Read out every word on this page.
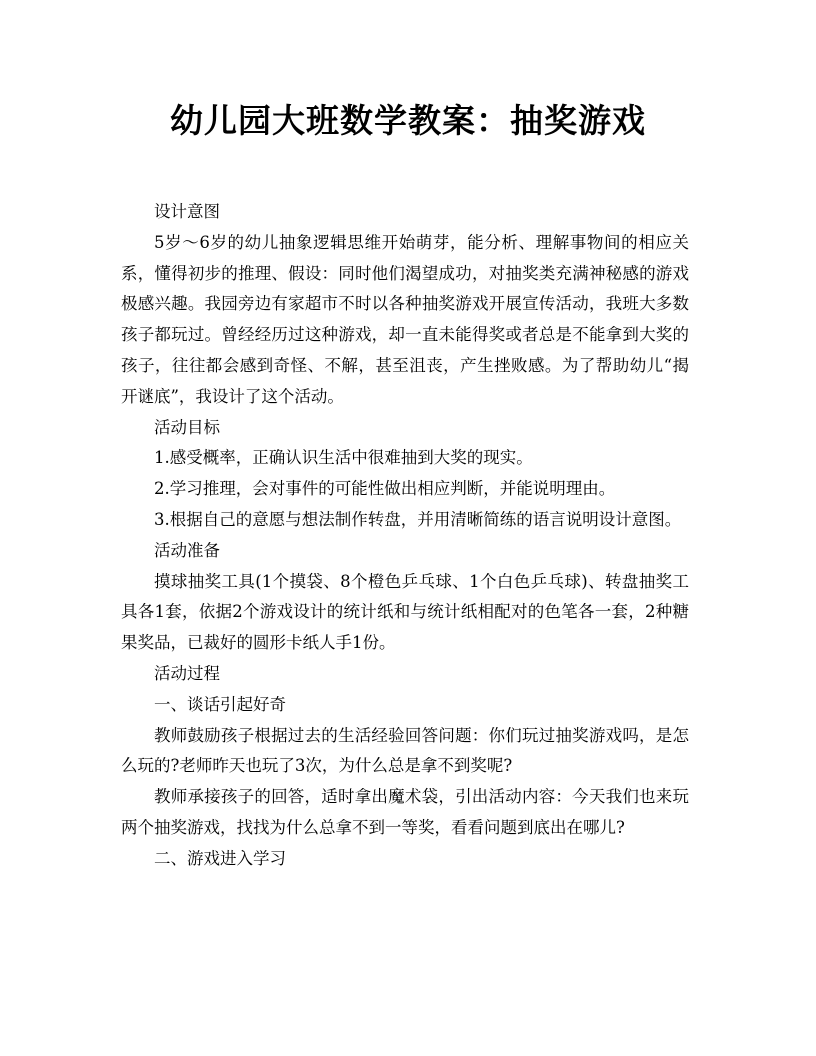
幼儿园大班数学教案：抽奖游戏

设计意图

5岁～6岁的幼儿抽象逻辑思维开始萌芽，能分析、理解事物间的相应关系，懂得初步的推理、假设：同时他们渴望成功，对抽奖类充满神秘感的游戏极感兴趣。我园旁边有家超市不时以各种抽奖游戏开展宣传活动，我班大多数孩子都玩过。曾经经历过这种游戏，却一直未能得奖或者总是不能拿到大奖的孩子，往往都会感到奇怪、不解，甚至沮丧，产生挫败感。为了帮助幼儿“揭开谜底”，我设计了这个活动。

活动目标

1.感受概率，正确认识生活中很难抽到大奖的现实。

2.学习推理，会对事件的可能性做出相应判断，并能说明理由。

3.根据自己的意愿与想法制作转盘，并用清晰简练的语言说明设计意图。

活动准备

摸球抽奖工具(1个摸袋、8个橙色乒乓球、1个白色乒乓球)、转盘抽奖工具各1套，依据2个游戏设计的统计纸和与统计纸相配对的色笔各一套，2种糖果奖品，已裁好的圆形卡纸人手1份。

活动过程

一、谈话引起好奇

教师鼓励孩子根据过去的生活经验回答问题：你们玩过抽奖游戏吗，是怎么玩的?老师昨天也玩了3次，为什么总是拿不到奖呢?

教师承接孩子的回答，适时拿出魔术袋，引出活动内容：今天我们也来玩两个抽奖游戏，找找为什么总拿不到一等奖，看看问题到底出在哪儿?

二、游戏进入学习
